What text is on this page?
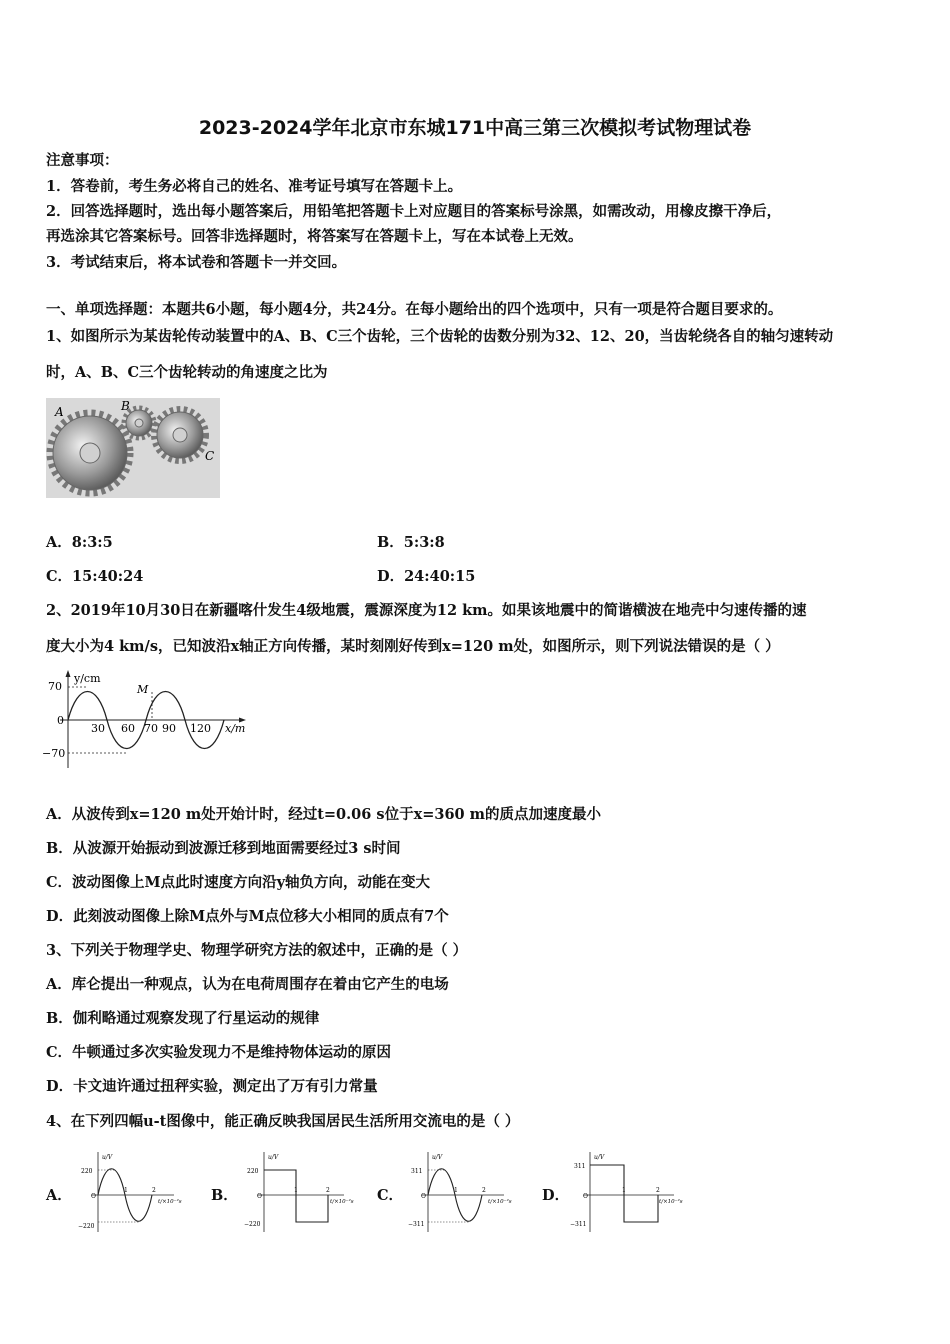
2023-2024学年北京市东城171中高三第三次模拟考试物理试卷
注意事项：
1．答卷前，考生务必将自己的姓名、准考证号填写在答题卡上。
2．回答选择题时，选出每小题答案后，用铅笔把答题卡上对应题目的答案标号涂黑，如需改动，用橡皮擦干净后，
再选涂其它答案标号。回答非选择题时，将答案写在答题卡上，写在本试卷上无效。
3．考试结束后，将本试卷和答题卡一并交回。
一、单项选择题：本题共6小题，每小题4分，共24分。在每小题给出的四个选项中，只有一项是符合题目要求的。
1、如图所示为某齿轮传动装置中的A、B、C三个齿轮，三个齿轮的齿数分别为32、12、20，当齿轮绕各自的轴匀速转动
时，A、B、C三个齿轮转动的角速度之比为
A	B
C
A．8:3:5	B．5:3:8
C．15:40:24	D．24:40:15
2、2019年10月30日在新疆喀什发生4级地震，震源深度为12 km。如果该地震中的简谐横波在地壳中匀速传播的速
度大小为4 km/s，已知波沿x轴正方向传播，某时刻刚好传到x=120 m处，如图所示，则下列说法错误的是（ ）
y/cm
70
0
−70
30 60 70 90 120 x/m
M
A．从波传到x=120 m处开始计时，经过t=0.06 s位于x=360 m的质点加速度最小
B．从波源开始振动到波源迁移到地面需要经过3 s时间
C．波动图像上M点此时速度方向沿y轴负方向，动能在变大
D．此刻波动图像上除M点外与M点位移大小相同的质点有7个
3、下列关于物理学史、物理学研究方法的叙述中，正确的是（ ）
A．库仑提出一种观点，认为在电荷周围存在着由它产生的电场
B．伽利略通过观察发现了行星运动的规律
C．牛顿通过多次实验发现力不是维持物体运动的原因
D．卡文迪许通过扭秤实验，测定出了万有引力常量
4、在下列四幅u-t图像中，能正确反映我国居民生活所用交流电的是（ ）
A．
u/V
220
O
−220
1	2
t/×10⁻²s B．
u/V
220
O
−220
1	2
t/×10⁻²s C．
u/V
311
O
−311
1	2
t/×10⁻²s D．
u/V
311
O
−311
1	2
t/×10⁻²s
